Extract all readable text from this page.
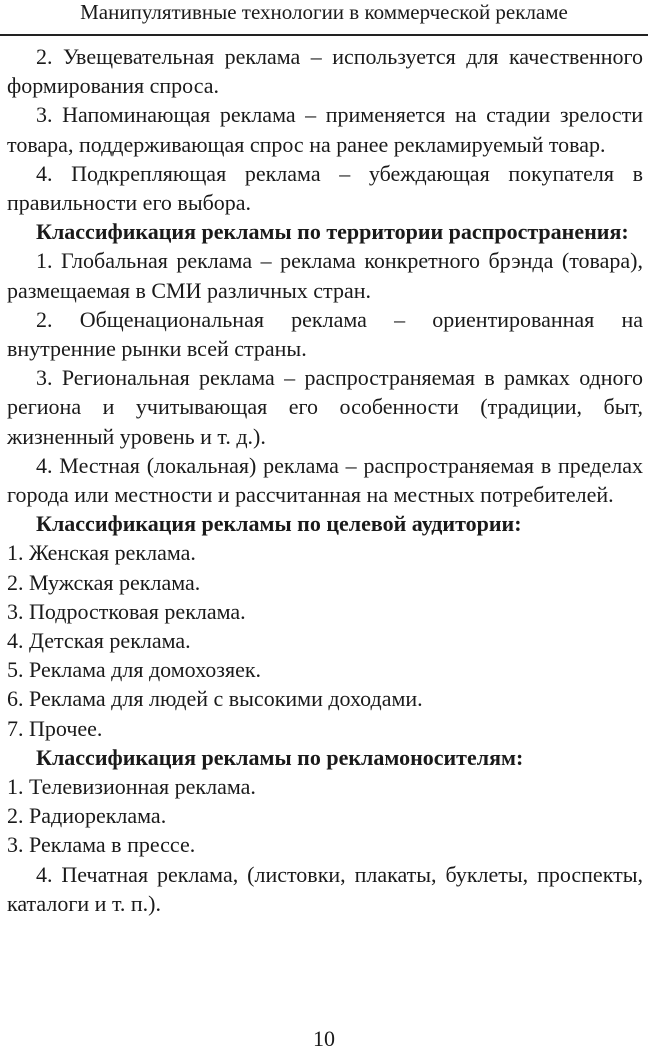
Манипулятивные технологии в коммерческой рекламе

2. Увещевательная реклама – используется для качественного формирования спроса.

3. Напоминающая реклама – применяется на стадии зрелости товара, поддерживающая спрос на ранее рекламируемый товар.

4. Подкрепляющая реклама – убеждающая покупателя в правильности его выбора.

Классификация рекламы по территории распространения:

1. Глобальная реклама – реклама конкретного брэнда (товара), размещаемая в СМИ различных стран.

2. Общенациональная реклама – ориентированная на внутренние рынки всей страны.

3. Региональная реклама – распространяемая в рамках одного региона и учитывающая его особенности (традиции, быт, жизненный уровень и т. д.).

4. Местная (локальная) реклама – распространяемая в пределах города или местности и рассчитанная на местных потребителей.

Классификация рекламы по целевой аудитории:

1. Женская реклама.

2. Мужская реклама.

3. Подростковая реклама.

4. Детская реклама.

5. Реклама для домохозяек.

6. Реклама для людей с высокими доходами.

7. Прочее.

Классификация рекламы по рекламоносителям:

1. Телевизионная реклама.

2. Радиореклама.

3. Реклама в прессе.

4. Печатная реклама, (листовки, плакаты, буклеты, проспекты, каталоги и т. п.).

10
